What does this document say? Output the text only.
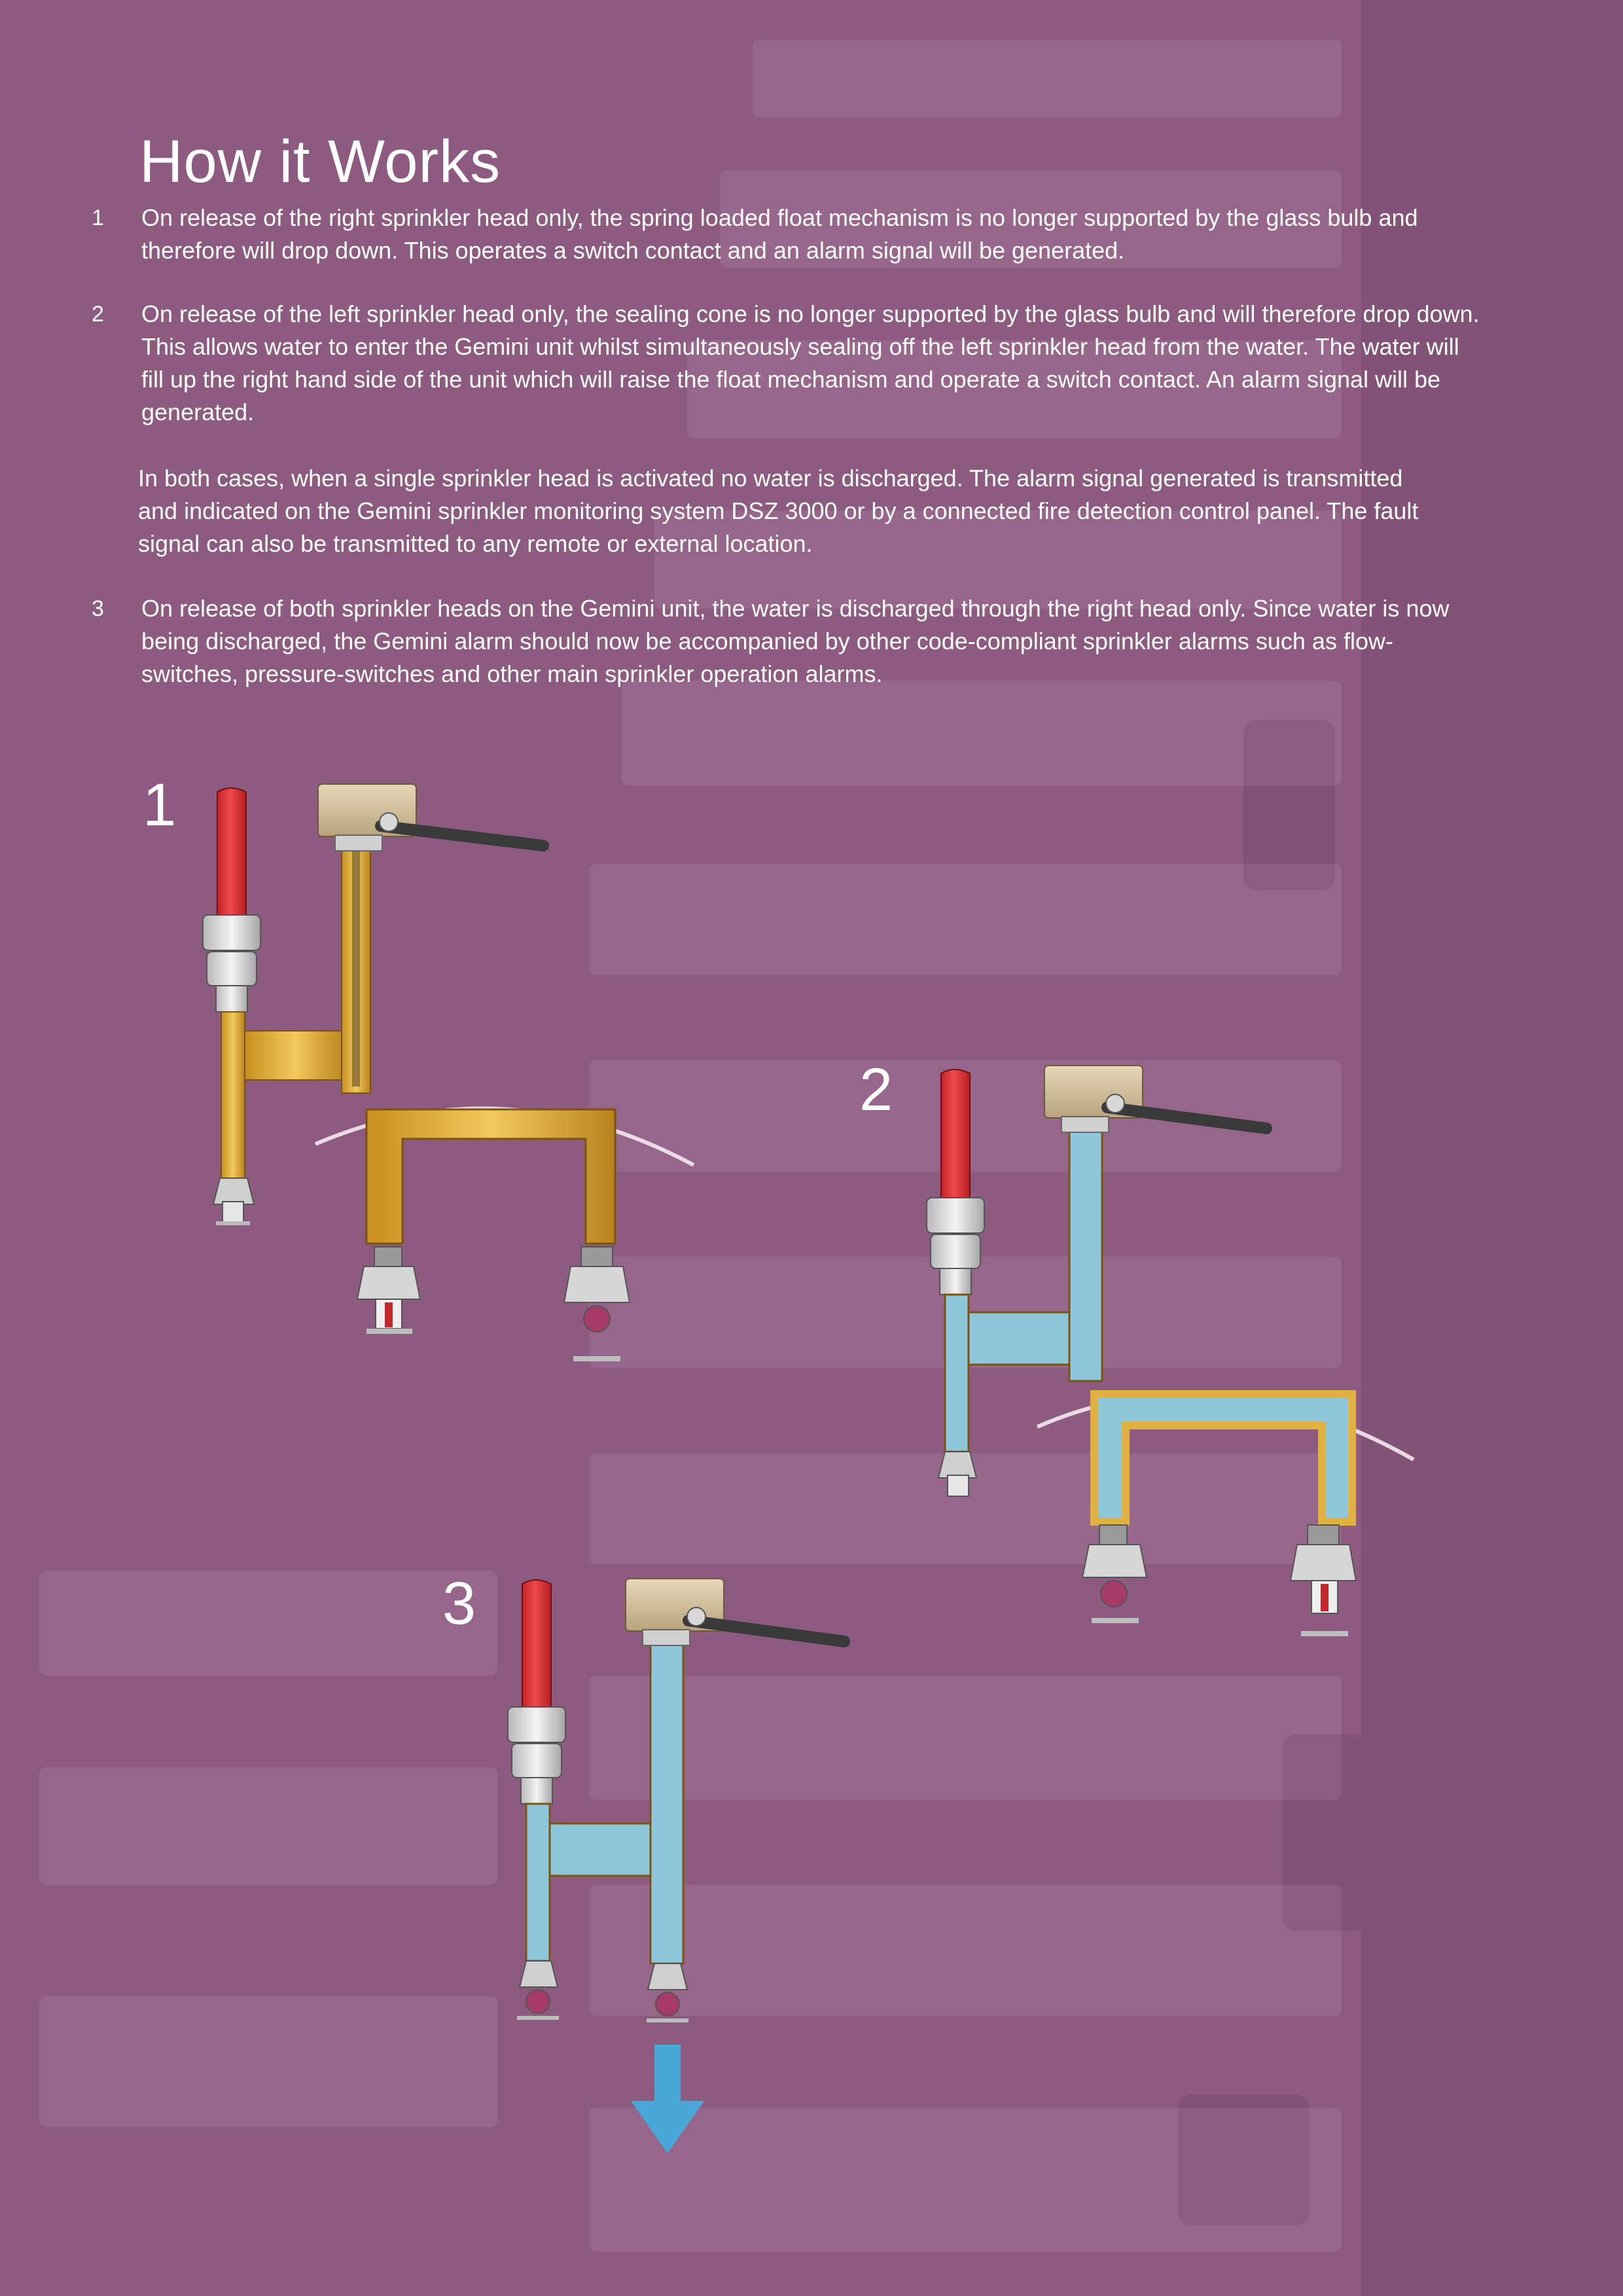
How it Works
1 On release of the right sprinkler head only, the spring loaded float mechanism is no longer supported by the glass bulb and therefore will drop down. This operates a switch contact and an alarm signal will be generated.

2 On release of the left sprinkler head only, the sealing cone is no longer supported by the glass bulb and will therefore drop down. This allows water to enter the Gemini unit whilst simultaneously sealing off the left sprinkler head from the water. The water will fill up the right hand side of the unit which will raise the float mechanism and operate a switch contact. An alarm signal will be generated.

In both cases, when a single sprinkler head is activated no water is discharged. The alarm signal generated is transmitted and indicated on the Gemini sprinkler monitoring system DSZ 3000 or by a connected fire detection control panel. The fault signal can also be transmitted to any remote or external location.

3 On release of both sprinkler heads on the Gemini unit, the water is discharged through the right head only. Since water is now being discharged, the Gemini alarm should now be accompanied by other code-compliant sprinkler alarms such as flow-switches, pressure-switches and other main sprinkler operation alarms.

1
2
3
